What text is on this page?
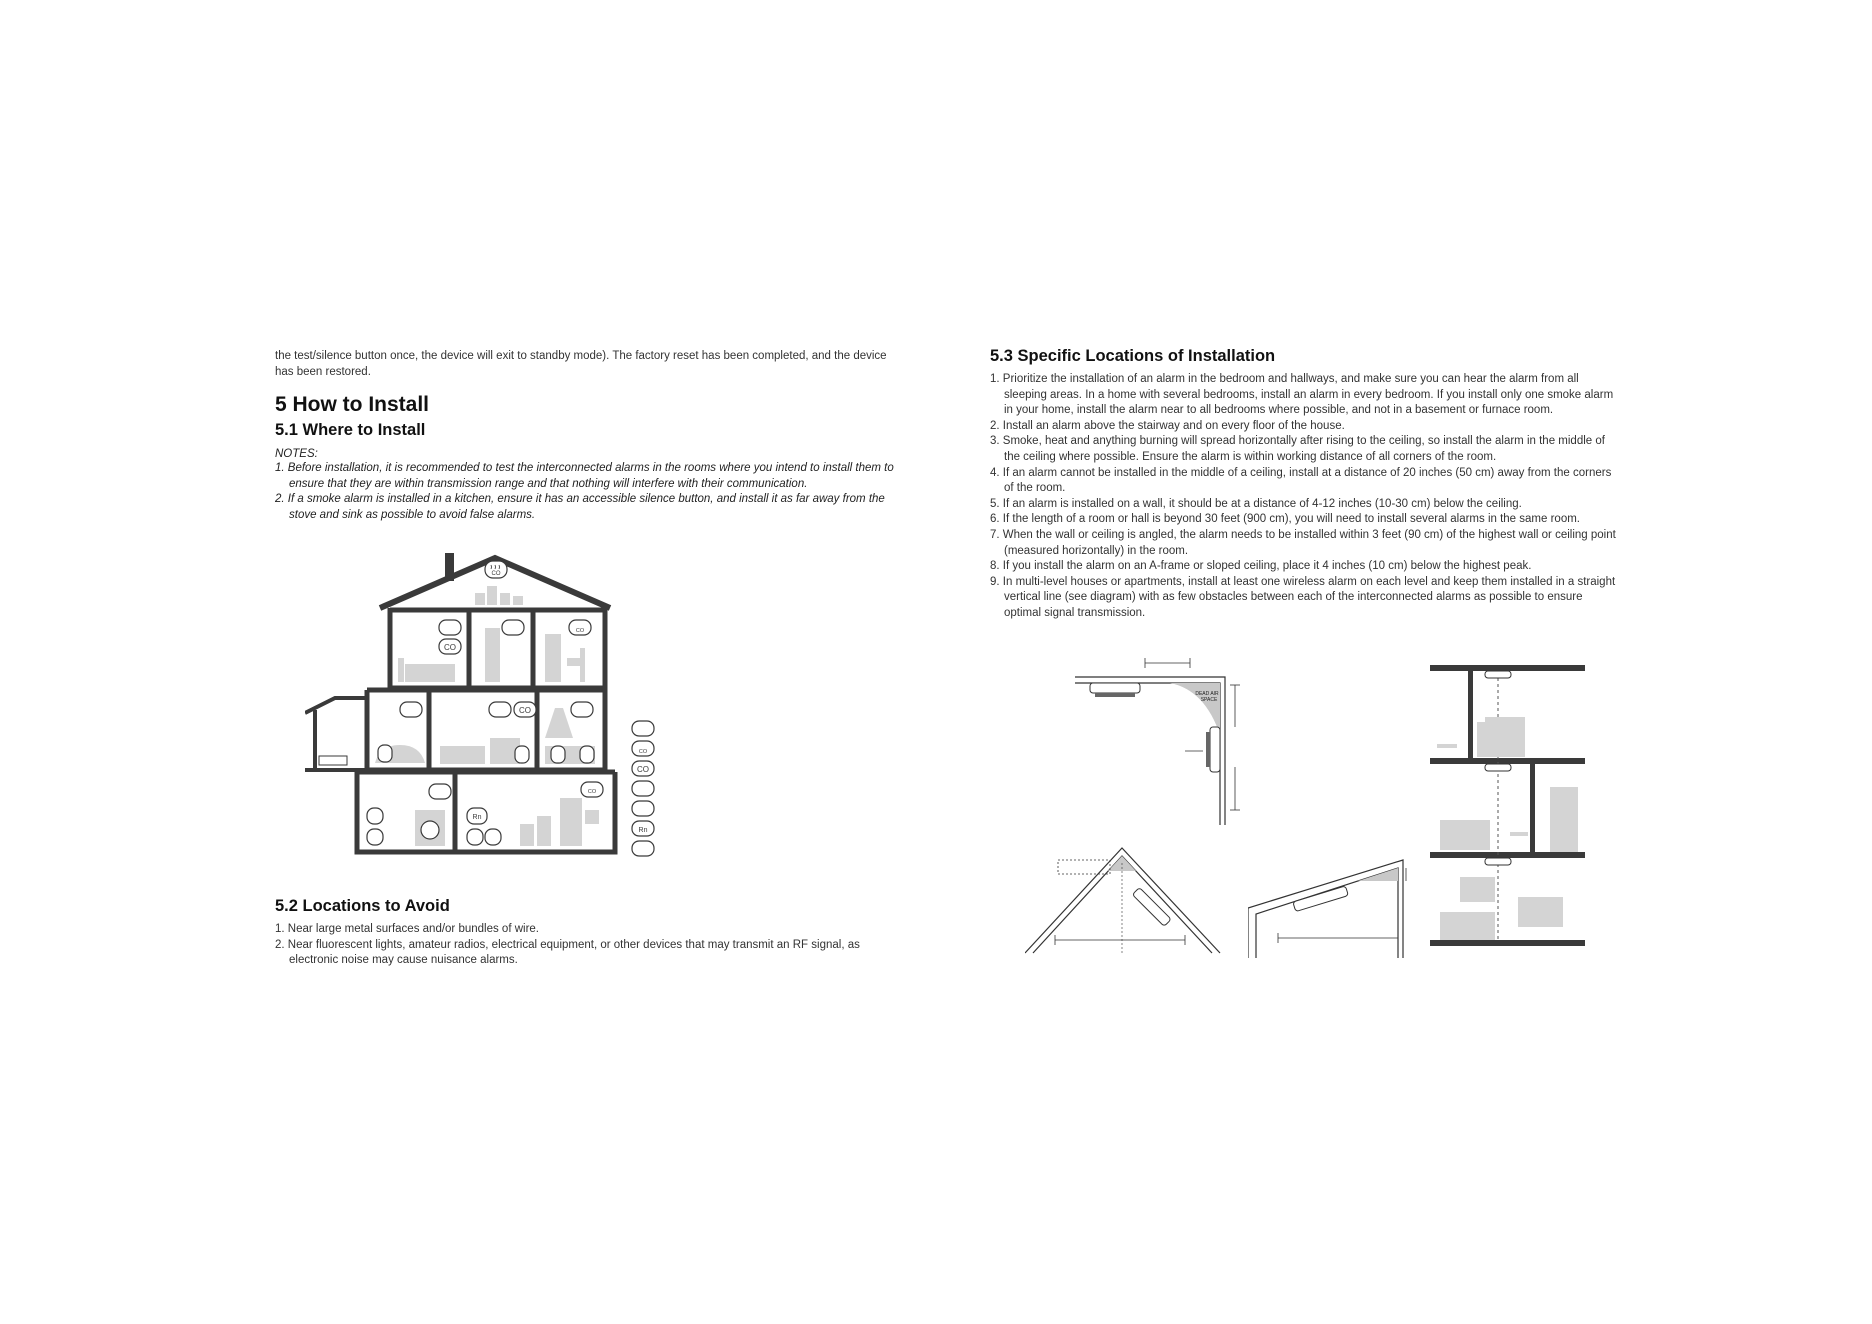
the test/silence button once, the device will exit to standby mode). The factory reset has been completed, and the device has been restored.

5 How to Install
5.1 Where to Install

NOTES:

1. Before installation, it is recommended to test the interconnected alarms in the rooms where you intend to install them to ensure that they are within transmission range and that nothing will interfere with their communication.
2. If a smoke alarm is installed in a kitchen, ensure it has an accessible silence button, and install it as far away from the stove and sink as possible to avoid false alarms.
CO
CO
CO
CO
Rn
CO
CO
CO
Rn
5.2 Locations to Avoid
1. Near large metal surfaces and/or bundles of wire.
2. Near fluorescent lights, amateur radios, electrical equipment, or other devices that may transmit an RF signal, as electronic noise may cause nuisance alarms.
5.3 Specific Locations of Installation
1. Prioritize the installation of an alarm in the bedroom and hallways, and make sure you can hear the alarm from all sleeping areas. In a home with several bedrooms, install an alarm in every bedroom. If you install only one smoke alarm in your home, install the alarm near to all bedrooms where possible, and not in a basement or furnace room.
2. Install an alarm above the stairway and on every floor of the house.
3. Smoke, heat and anything burning will spread horizontally after rising to the ceiling, so install the alarm in the middle of the ceiling where possible. Ensure the alarm is within working distance of all corners of the room.
4. If an alarm cannot be installed in the middle of a ceiling, install at a distance of 20 inches (50 cm) away from the corners of the room.
5. If an alarm is installed on a wall, it should be at a distance of 4-12 inches (10-30 cm) below the ceiling.
6. If the length of a room or hall is beyond 30 feet (900 cm), you will need to install several alarms in the same room.
7. When the wall or ceiling is angled, the alarm needs to be installed within 3 feet (90 cm) of the highest wall or ceiling point (measured horizontally) in the room.
8. If you install the alarm on an A-frame or sloped ceiling, place it 4 inches (10 cm) below the highest peak.
9. In multi-level houses or apartments, install at least one wireless alarm on each level and keep them installed in a straight vertical line (see diagram) with as few obstacles between each of the interconnected alarms as possible to ensure optimal signal transmission.
DEAD AIR
SPACE
